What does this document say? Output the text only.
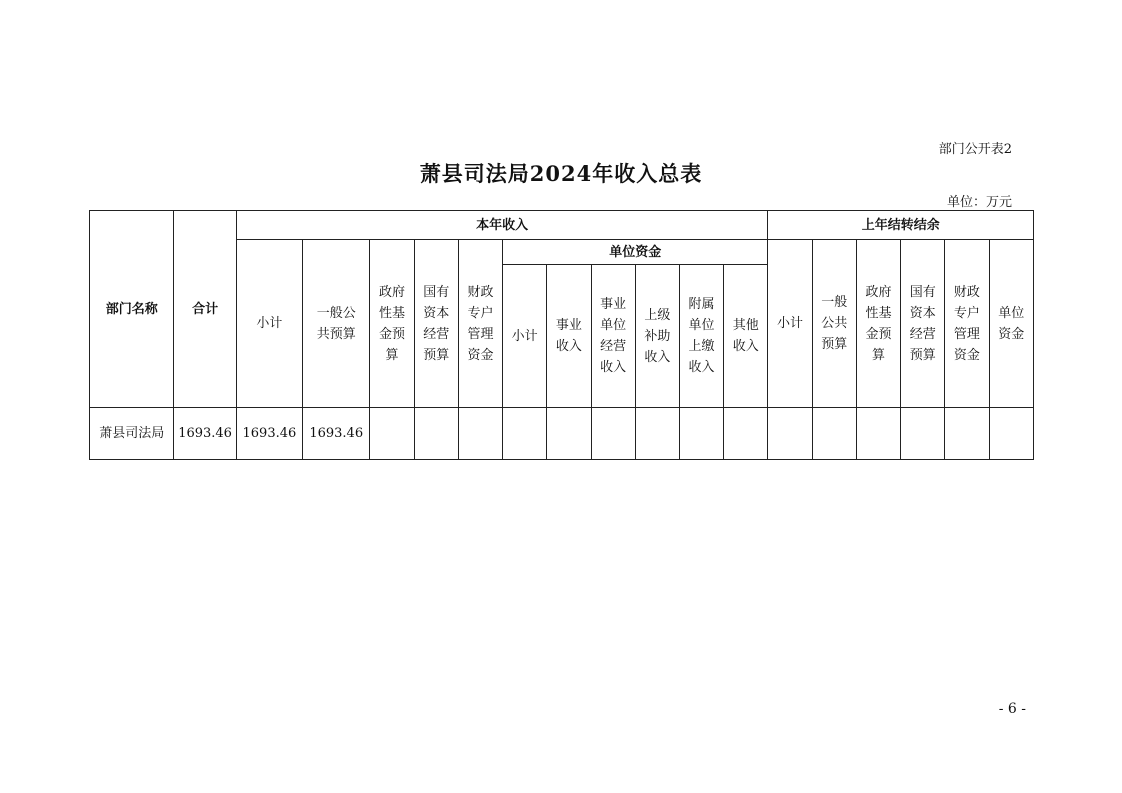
部门公开表2
萧县司法局2024年收入总表
单位：万元
部门名称	合计	本年收入											上年结转结余					
		小计	一般公共预算	政府性基金预算	国有资本经营预算	财政专户管理资金	单位资金						小计	一般公共预算	政府性基金预算	国有资本经营预算	财政专户管理资金	单位资金
							小计	事业收入	事业单位经营收入	上级补助收入	附属单位上缴收入	其他收入						
萧县司法局	1693.46	1693.46	1693.46															
- 6 -
